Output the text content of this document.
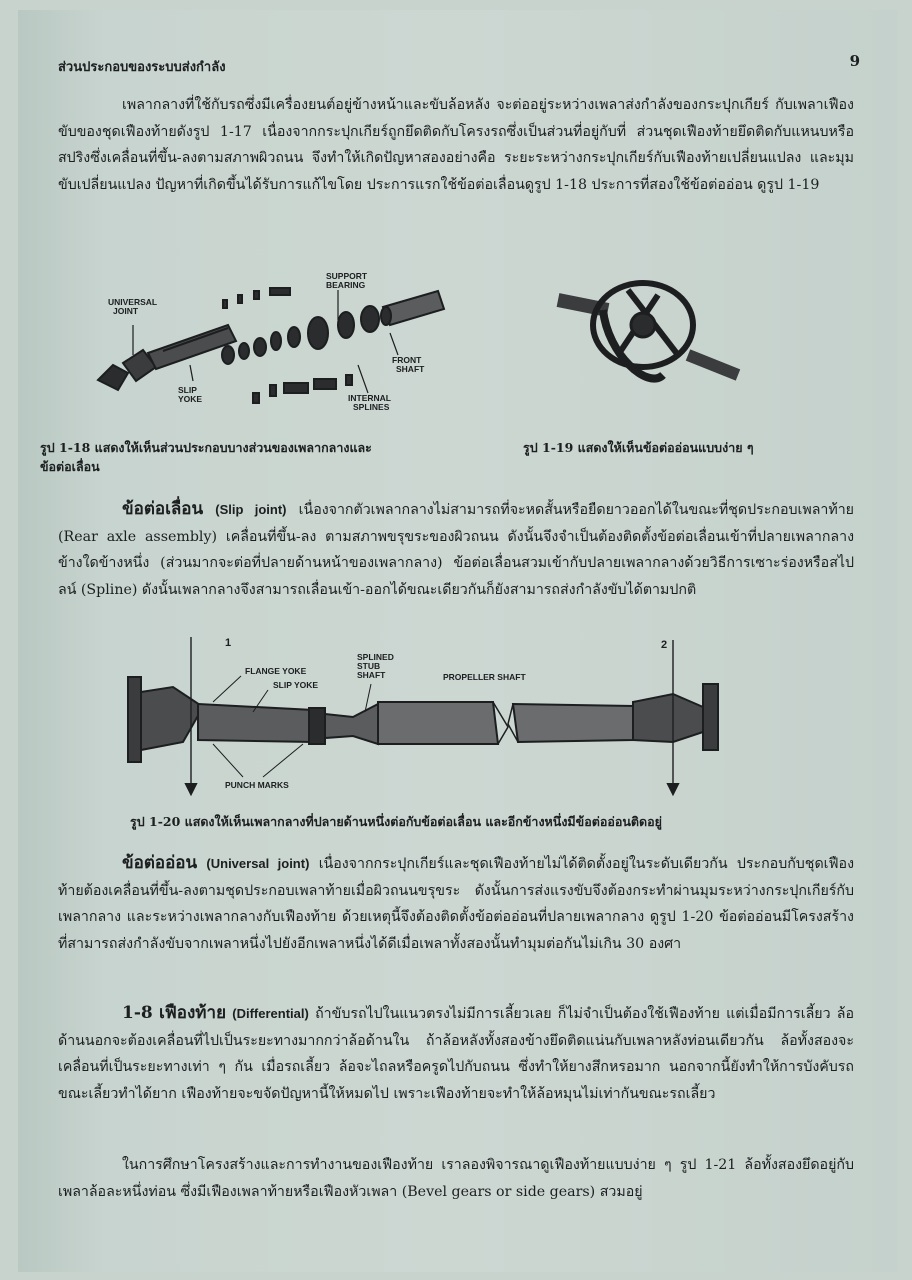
ส่วนประกอบของระบบส่งกำลัง	9
เพลากลางที่ใช้กับรถซึ่งมีเครื่องยนต์อยู่ข้างหน้าและขับล้อหลัง จะต่ออยู่ระหว่างเพลาส่งกำลังของกระปุกเกียร์ กับเพลาเฟืองขับของชุดเฟืองท้ายดังรูป 1-17 เนื่องจากกระปุกเกียร์ถูกยึดติดกับโครงรถซึ่งเป็นส่วนที่อยู่กับที่ ส่วนชุดเฟืองท้ายยึดติดกับแหนบหรือสปริงซึ่งเคลื่อนที่ขึ้น-ลงตามสภาพผิวถนน จึงทำให้เกิดปัญหาสองอย่างคือ ระยะระหว่างกระปุกเกียร์กับเฟืองท้ายเปลี่ยนแปลง และมุมขับเปลี่ยนแปลง ปัญหาที่เกิดขึ้นได้รับการแก้ไขโดย ประการแรกใช้ข้อต่อเลื่อนดูรูป 1-18 ประการที่สองใช้ข้อต่ออ่อน ดูรูป 1-19
UNIVERSAL
JOINT
SUPPORT
BEARING
FRONT
SHAFT
SLIP
YOKE	INTERNAL
SPLINES
รูป 1-18 แสดงให้เห็นส่วนประกอบบางส่วนของเพลากลางและ
ข้อต่อเลื่อน
รูป 1-19 แสดงให้เห็นข้อต่ออ่อนแบบง่าย ๆ
ข้อต่อเลื่อน (Slip joint) เนื่องจากตัวเพลากลางไม่สามารถที่จะหดสั้นหรือยืดยาวออกได้ในขณะที่ชุดประกอบเพลาท้าย (Rear axle assembly) เคลื่อนที่ขึ้น-ลง ตามสภาพขรุขระของผิวถนน ดังนั้นจึงจำเป็นต้องติดตั้งข้อต่อเลื่อนเข้าที่ปลายเพลากลางข้างใดข้างหนึ่ง (ส่วนมากจะต่อที่ปลายด้านหน้าของเพลากลาง) ข้อต่อเลื่อนสวมเข้ากับปลายเพลากลางด้วยวิธีการเซาะร่องหรือสไปลน์ (Spline) ดังนั้นเพลากลางจึงสามารถเลื่อนเข้า-ออกได้ขณะเดียวกันก็ยังสามารถส่งกำลังขับได้ตามปกติ
1	2
FLANGE YOKE
SLIP YOKE
SPLINED
STUB
SHAFT	PROPELLER SHAFT
PUNCH MARKS
รูป 1-20 แสดงให้เห็นเพลากลางที่ปลายด้านหนึ่งต่อกับข้อต่อเลื่อน และอีกข้างหนึ่งมีข้อต่ออ่อนติดอยู่
ข้อต่ออ่อน (Universal joint) เนื่องจากกระปุกเกียร์และชุดเฟืองท้ายไม่ได้ติดตั้งอยู่ในระดับเดียวกัน ประกอบกับชุดเฟืองท้ายต้องเคลื่อนที่ขึ้น-ลงตามชุดประกอบเพลาท้ายเมื่อผิวถนนขรุขระ ดังนั้นการส่งแรงขับจึงต้องกระทำผ่านมุมระหว่างกระปุกเกียร์กับเพลากลาง และระหว่างเพลากลางกับเฟืองท้าย ด้วยเหตุนี้จึงต้องติดตั้งข้อต่ออ่อนที่ปลายเพลากลาง ดูรูป 1-20 ข้อต่ออ่อนมีโครงสร้างที่สามารถส่งกำลังขับจากเพลาหนึ่งไปยังอีกเพลาหนึ่งได้ดีเมื่อเพลาทั้งสองนั้นทำมุมต่อกันไม่เกิน 30 องศา
1-8 เฟืองท้าย (Differential) ถ้าขับรถไปในแนวตรงไม่มีการเลี้ยวเลย ก็ไม่จำเป็นต้องใช้เฟืองท้าย แต่เมื่อมีการเลี้ยว ล้อด้านนอกจะต้องเคลื่อนที่ไปเป็นระยะทางมากกว่าล้อด้านใน ถ้าล้อหลังทั้งสองข้างยึดติดแน่นกับเพลาหลังท่อนเดียวกัน ล้อทั้งสองจะเคลื่อนที่เป็นระยะทางเท่า ๆ กัน เมื่อรถเลี้ยว ล้อจะไถลหรือครูดไปกับถนน ซึ่งทำให้ยางสึกหรอมาก นอกจากนี้ยังทำให้การบังคับรถขณะเลี้ยวทำได้ยาก เฟืองท้ายจะขจัดปัญหานี้ให้หมดไป เพราะเฟืองท้ายจะทำให้ล้อหมุนไม่เท่ากันขณะรถเลี้ยว
ในการศึกษาโครงสร้างและการทำงานของเฟืองท้าย เราลองพิจารณาดูเฟืองท้ายแบบง่าย ๆ รูป 1-21 ล้อทั้งสองยึดอยู่กับเพลาล้อละหนึ่งท่อน ซึ่งมีเฟืองเพลาท้ายหรือเฟืองหัวเพลา (Bevel gears or side gears) สวมอยู่
